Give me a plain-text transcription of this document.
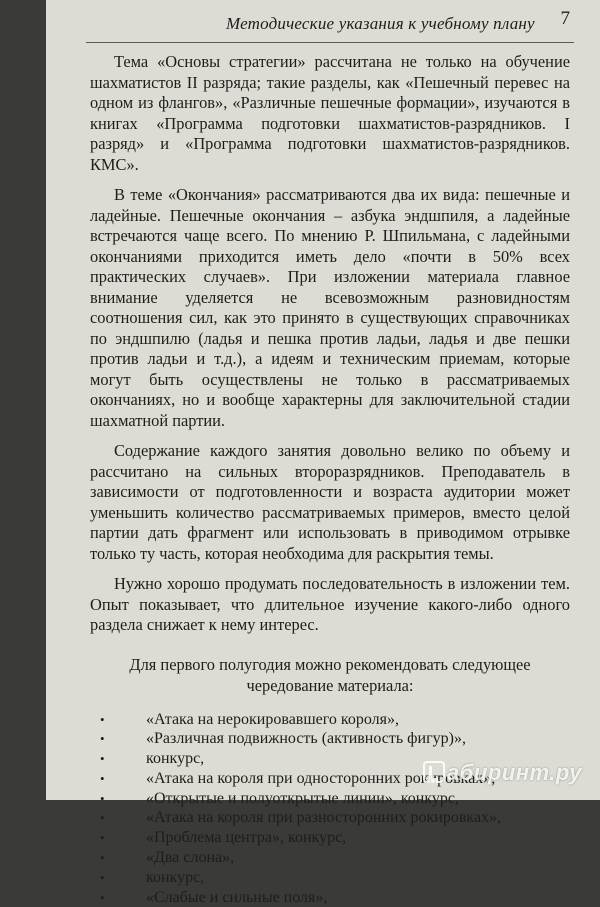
Методические указания к учебному плану 7

Тема «Основы стратегии» рассчитана не только на обучение шахматистов II разряда; такие разделы, как «Пешечный перевес на одном из флангов», «Различные пешечные формации», изучаются в книгах «Программа подготовки шахматистов-разрядников. I разряд» и «Программа подготовки шахматистов-разрядников. КМС».

В теме «Окончания» рассматриваются два их вида: пешечные и ладейные. Пешечные окончания – азбука эндшпиля, а ладейные встречаются чаще всего. По мнению Р. Шпильмана, с ладейными окончаниями приходится иметь дело «почти в 50% всех практических случаев». При изложении материала главное внимание уделяется не всевозможным разновидностям соотношения сил, как это принято в существующих справочниках по эндшпилю (ладья и пешка против ладьи, ладья и две пешки против ладьи и т.д.), а идеям и техническим приемам, которые могут быть осуществлены не только в рассматриваемых окончаниях, но и вообще характерны для заключительной стадии шахматной партии.

Содержание каждого занятия довольно велико по объему и рассчитано на сильных второразрядников. Преподаватель в зависимости от подготовленности и возраста аудитории может уменьшить количество рассматриваемых примеров, вместо целой партии дать фрагмент или использовать в приводимом отрывке только ту часть, которая необходима для раскрытия темы.

Нужно хорошо продумать последовательность в изложении тем. Опыт показывает, что длительное изучение какого-либо одного раздела снижает к нему интерес.

Для первого полугодия можно рекомендовать следующее
чередование материала:
•	«Атака на нерокировавшего короля»,
•	«Различная подвижность (активность фигур)»,
•	конкурс,
•	«Атака на короля при односторонних рокировках»,
•	«Открытые и полуоткрытые линии», конкурс,
•	«Атака на короля при разносторонних рокировках»,
•	«Проблема центра», конкурс,
•	«Два слона»,
•	конкурс,
•	«Слабые и сильные поля»,
абиринт.ру
